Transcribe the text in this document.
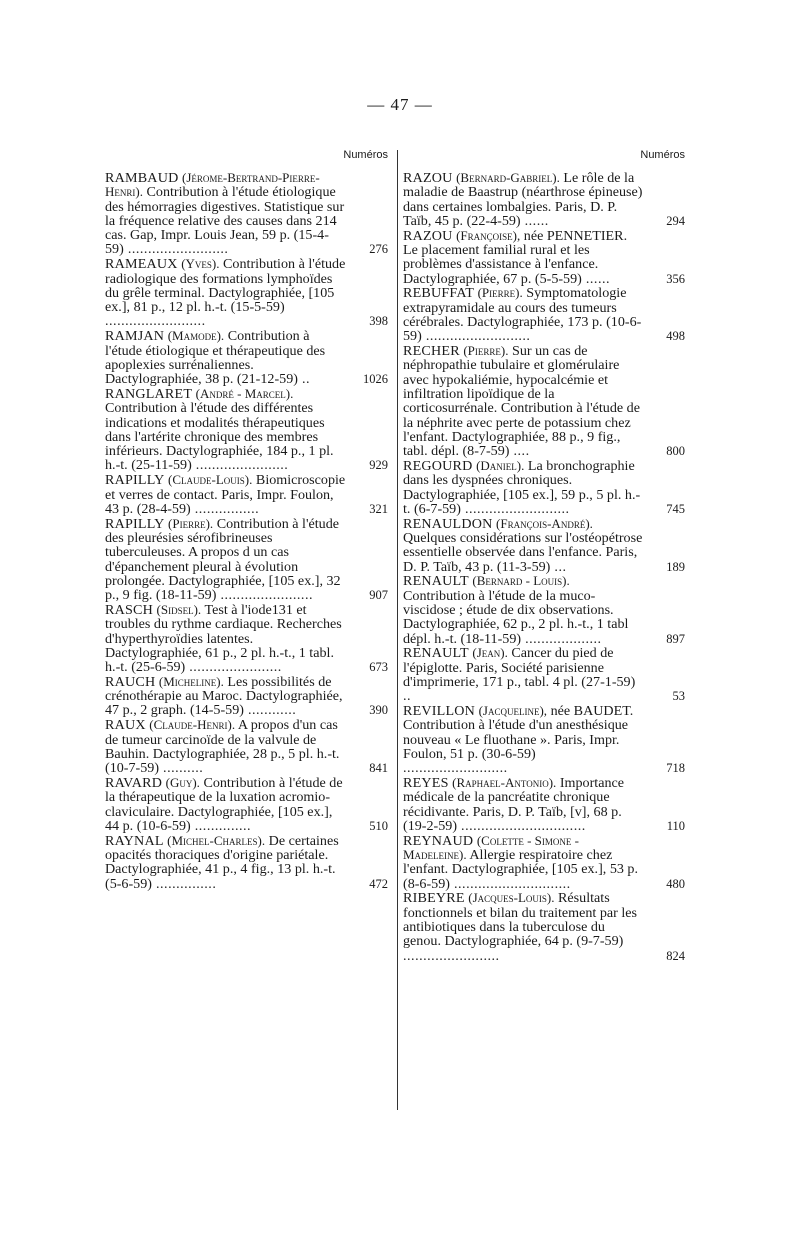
— 47 —
Numéros
RAMBAUD (Jérome-Bertrand-Pierre-Henri). Contribution à l'étude étiologique des hémorragies digestives. Statistique sur la fréquence relative des causes dans 214 cas. Gap, Impr. Louis Jean, 59 p. (15-4-59) .........................	276
RAMEAUX (Yves). Contribution à l'étude radiologique des formations lymphoïdes du grêle terminal. Dactylographiée, [105 ex.], 81 p., 12 pl. h.-t. (15-5-59) .........................	398
RAMJAN (Mamode). Contribution à l'étude étiologique et thérapeutique des apoplexies surrénaliennes. Dactylographiée, 38 p. (21-12-59) ..	1026
RANGLARET (André - Marcel). Contribution à l'étude des différentes indications et modalités thérapeutiques dans l'artérite chronique des membres inférieurs. Dactylographiée, 184 p., 1 pl. h.-t. (25-11-59) .......................	929
RAPILLY (Claude-Louis). Biomicroscopie et verres de contact. Paris, Impr. Foulon, 43 p. (28-4-59) ................	321
RAPILLY (Pierre). Contribution à l'étude des pleurésies sérofibrineuses tuberculeuses. A propos d un cas d'épanchement pleural à évolution prolongée. Dactylographiée, [105 ex.], 32 p., 9 fig. (18-11-59) .......................	907
RASCH (Sidsel). Test à l'iode131 et troubles du rythme cardiaque. Recherches d'hyperthyroïdies latentes. Dactylographiée, 61 p., 2 pl. h.-t., 1 tabl. h.-t. (25-6-59) .......................	673
RAUCH (Micheline). Les possibilités de crénothérapie au Maroc. Dactylographiée, 47 p., 2 graph. (14-5-59) ............	390
RAUX (Claude-Henri). A propos d'un cas de tumeur carcinoïde de la valvule de Bauhin. Dactylographiée, 28 p., 5 pl. h.-t. (10-7-59) ..........	841
RAVARD (Guy). Contribution à l'étude de la thérapeutique de la luxation acromio-claviculaire. Dactylographiée, [105 ex.], 44 p. (10-6-59) ..............	510
RAYNAL (Michel-Charles). De certaines opacités thoraciques d'origine pariétale. Dactylographiée, 41 p., 4 fig., 13 pl. h.-t. (5-6-59) ...............	472
Numéros
RAZOU (Bernard-Gabriel). Le rôle de la maladie de Baastrup (néarthrose épineuse) dans certaines lombalgies. Paris, D. P. Taïb, 45 p. (22-4-59) ......	294
RAZOU (Françoise), née PENNETIER. Le placement familial rural et les problèmes d'assistance à l'enfance. Dactylographiée, 67 p. (5-5-59) ......	356
REBUFFAT (Pierre). Symptomatologie extrapyramidale au cours des tumeurs cérébrales. Dactylographiée, 173 p. (10-6-59) ..........................	498
RECHER (Pierre). Sur un cas de néphropathie tubulaire et glomérulaire avec hypokaliémie, hypocalcémie et infiltration lipoïdique de la corticosurrénale. Contribution à l'étude de la néphrite avec perte de potassium chez l'enfant. Dactylographiée, 88 p., 9 fig., tabl. dépl. (8-7-59) ....	800
REGOURD (Daniel). La bronchographie dans les dyspnées chroniques. Dactylographiée, [105 ex.], 59 p., 5 pl. h.-t. (6-7-59) ..........................	745
RENAULDON (François-André). Quelques considérations sur l'ostéopétrose essentielle observée dans l'enfance. Paris, D. P. Taïb, 43 p. (11-3-59) ...	189
RENAULT (Bernard - Louis). Contribution à l'étude de la muco-viscidose ; étude de dix observations. Dactylographiée, 62 p., 2 pl. h.-t., 1 tabl dépl. h.-t. (18-11-59) ...................	897
RENAULT (Jean). Cancer du pied de l'épiglotte. Paris, Société parisienne d'imprimerie, 171 p., tabl. 4 pl. (27-1-59) ..	53
REVILLON (Jacqueline), née BAUDET. Contribution à l'étude d'un anesthésique nouveau « Le fluothane ». Paris, Impr. Foulon, 51 p. (30-6-59) ..........................	718
REYES (Raphael-Antonio). Importance médicale de la pancréatite chronique récidivante. Paris, D. P. Taïb, [v], 68 p. (19-2-59) ...............................	110
REYNAUD (Colette - Simone - Madeleine). Allergie respiratoire chez l'enfant. Dactylographiée, [105 ex.], 53 p. (8-6-59) .............................	480
RIBEYRE (Jacques-Louis). Résultats fonctionnels et bilan du traitement par les antibiotiques dans la tuberculose du genou. Dactylographiée, 64 p. (9-7-59) ........................	824
